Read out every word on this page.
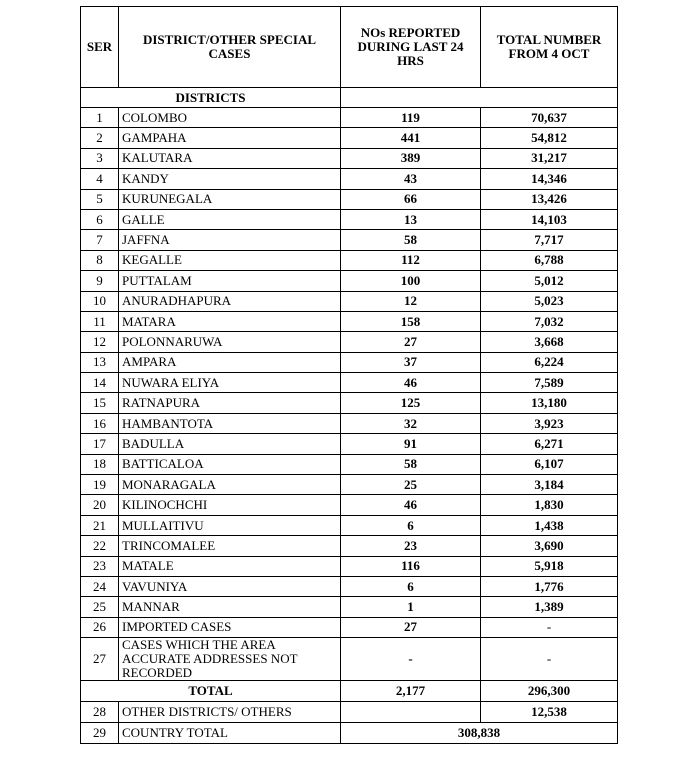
SER	DISTRICT/OTHER SPECIAL CASES	NOs REPORTED DURING LAST 24 HRS	TOTAL NUMBER FROM 4 OCT
DISTRICTS			
1	COLOMBO	119	70,637
2	GAMPAHA	441	54,812
3	KALUTARA	389	31,217
4	KANDY	43	14,346
5	KURUNEGALA	66	13,426
6	GALLE	13	14,103
7	JAFFNA	58	7,717
8	KEGALLE	112	6,788
9	PUTTALAM	100	5,012
10	ANURADHAPURA	12	5,023
11	MATARA	158	7,032
12	POLONNARUWA	27	3,668
13	AMPARA	37	6,224
14	NUWARA ELIYA	46	7,589
15	RATNAPURA	125	13,180
16	HAMBANTOTA	32	3,923
17	BADULLA	91	6,271
18	BATTICALOA	58	6,107
19	MONARAGALA	25	3,184
20	KILINOCHCHI	46	1,830
21	MULLAITIVU	6	1,438
22	TRINCOMALEE	23	3,690
23	MATALE	116	5,918
24	VAVUNIYA	6	1,776
25	MANNAR	1	1,389
26	IMPORTED CASES	27	-
27	CASES WHICH THE AREA ACCURATE ADDRESSES NOT RECORDED	-	-
TOTAL		2,177	296,300
28	OTHER DISTRICTS/ OTHERS		12,538
29	COUNTRY TOTAL	308,838	
